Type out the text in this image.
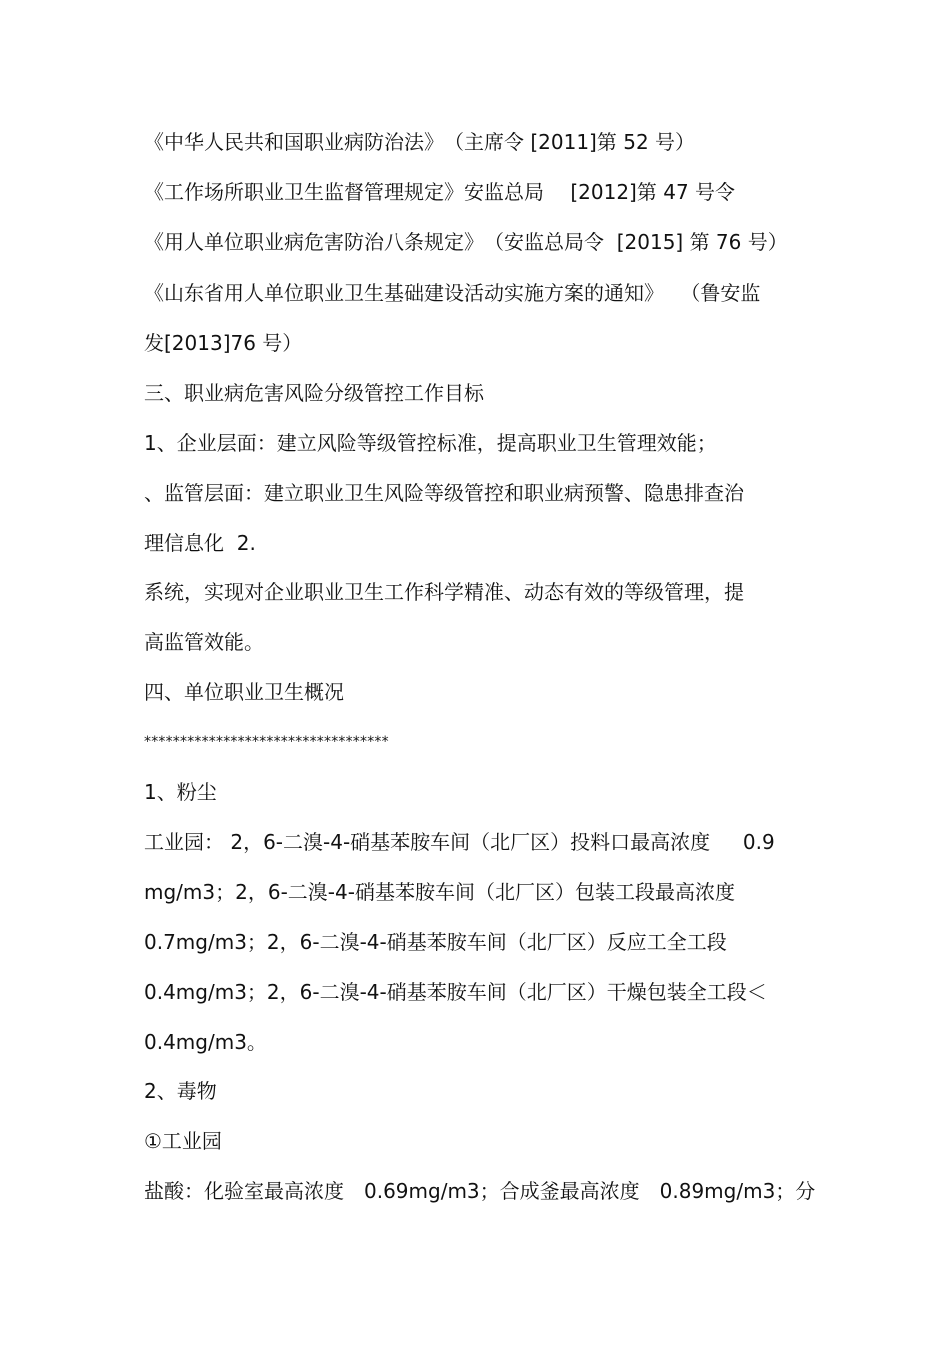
《中华人民共和国职业病防治法》　（主席令 [2011]第 52 号）
《工作场所职业卫生监督管理规定》安监总局　 [2012]第 47 号令
《用人单位职业病危害防治八条规定》　（安监总局令  [2015] 第 76 号）
《山东省用人单位职业卫生基础建设活动实施方案的通知》　 （鲁安监
发[2013]76 号）
三、职业病危害风险分级管控工作目标
1、企业层面：建立风险等级管控标准，提高职业卫生管理效能；
、监管层面：建立职业卫生风险等级管控和职业病预警、隐患排查治
理信息化  2.
系统，实现对企业职业卫生工作科学精准、动态有效的等级管理，提
高监管效能。
四、单位职业卫生概况
**********************************
1、粉尘
工业园： 2，6-二溴-4-硝基苯胺车间（北厂区）投料口最高浓度　  0.9
mg/m3；2，6-二溴-4-硝基苯胺车间（北厂区）包装工段最高浓度
0.7mg/m3；2，6-二溴-4-硝基苯胺车间（北厂区）反应工全工段
0.4mg/m3；2，6-二溴-4-硝基苯胺车间（北厂区）干燥包装全工段＜
0.4mg/m3。
2、毒物
①工业园
盐酸：化验室最高浓度　0.69mg/m3；合成釜最高浓度　0.89mg/m3；分
